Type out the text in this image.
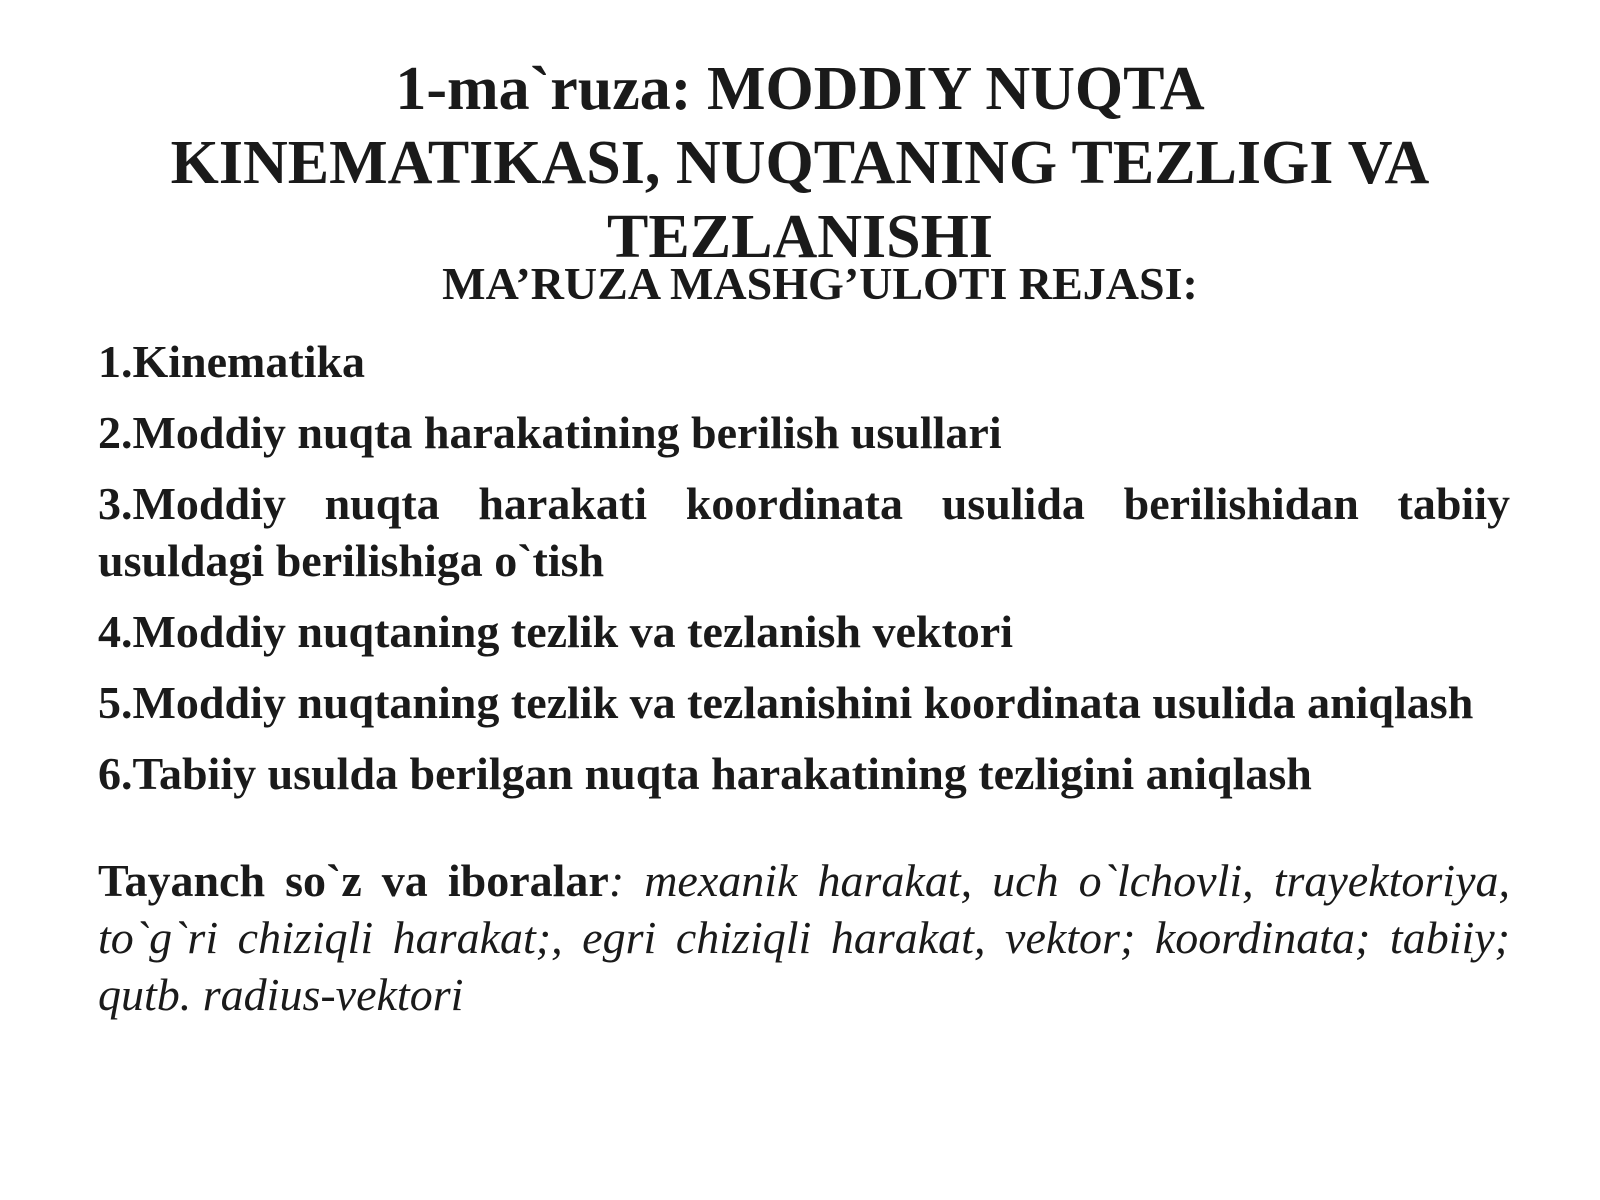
1-ma`ruza: MODDIY NUQTA
KINEMATIKASI, NUQTANING TEZLIGI VA
TEZLANISHI
MA’RUZA MASHG’ULOTI REJASI:
1.Kinematika
2.Moddiy nuqta harakatining berilish usullari
3.Moddiy nuqta harakati koordinata usulida berilishidan tabiiy usuldagi berilishiga o`tish
4.Moddiy nuqtaning tezlik va tezlanish vektori
5.Moddiy nuqtaning tezlik va tezlanishini koordinata usulida aniqlash
6.Tabiiy usulda berilgan nuqta harakatining tezligini aniqlash

Tayanch so`z va iboralar: mexanik harakat, uch o`lchovli, trayektoriya, to`g`ri chiziqli harakat;, egri chiziqli harakat, vektor; koordinata; tabiiy; qutb. radius-vektori
